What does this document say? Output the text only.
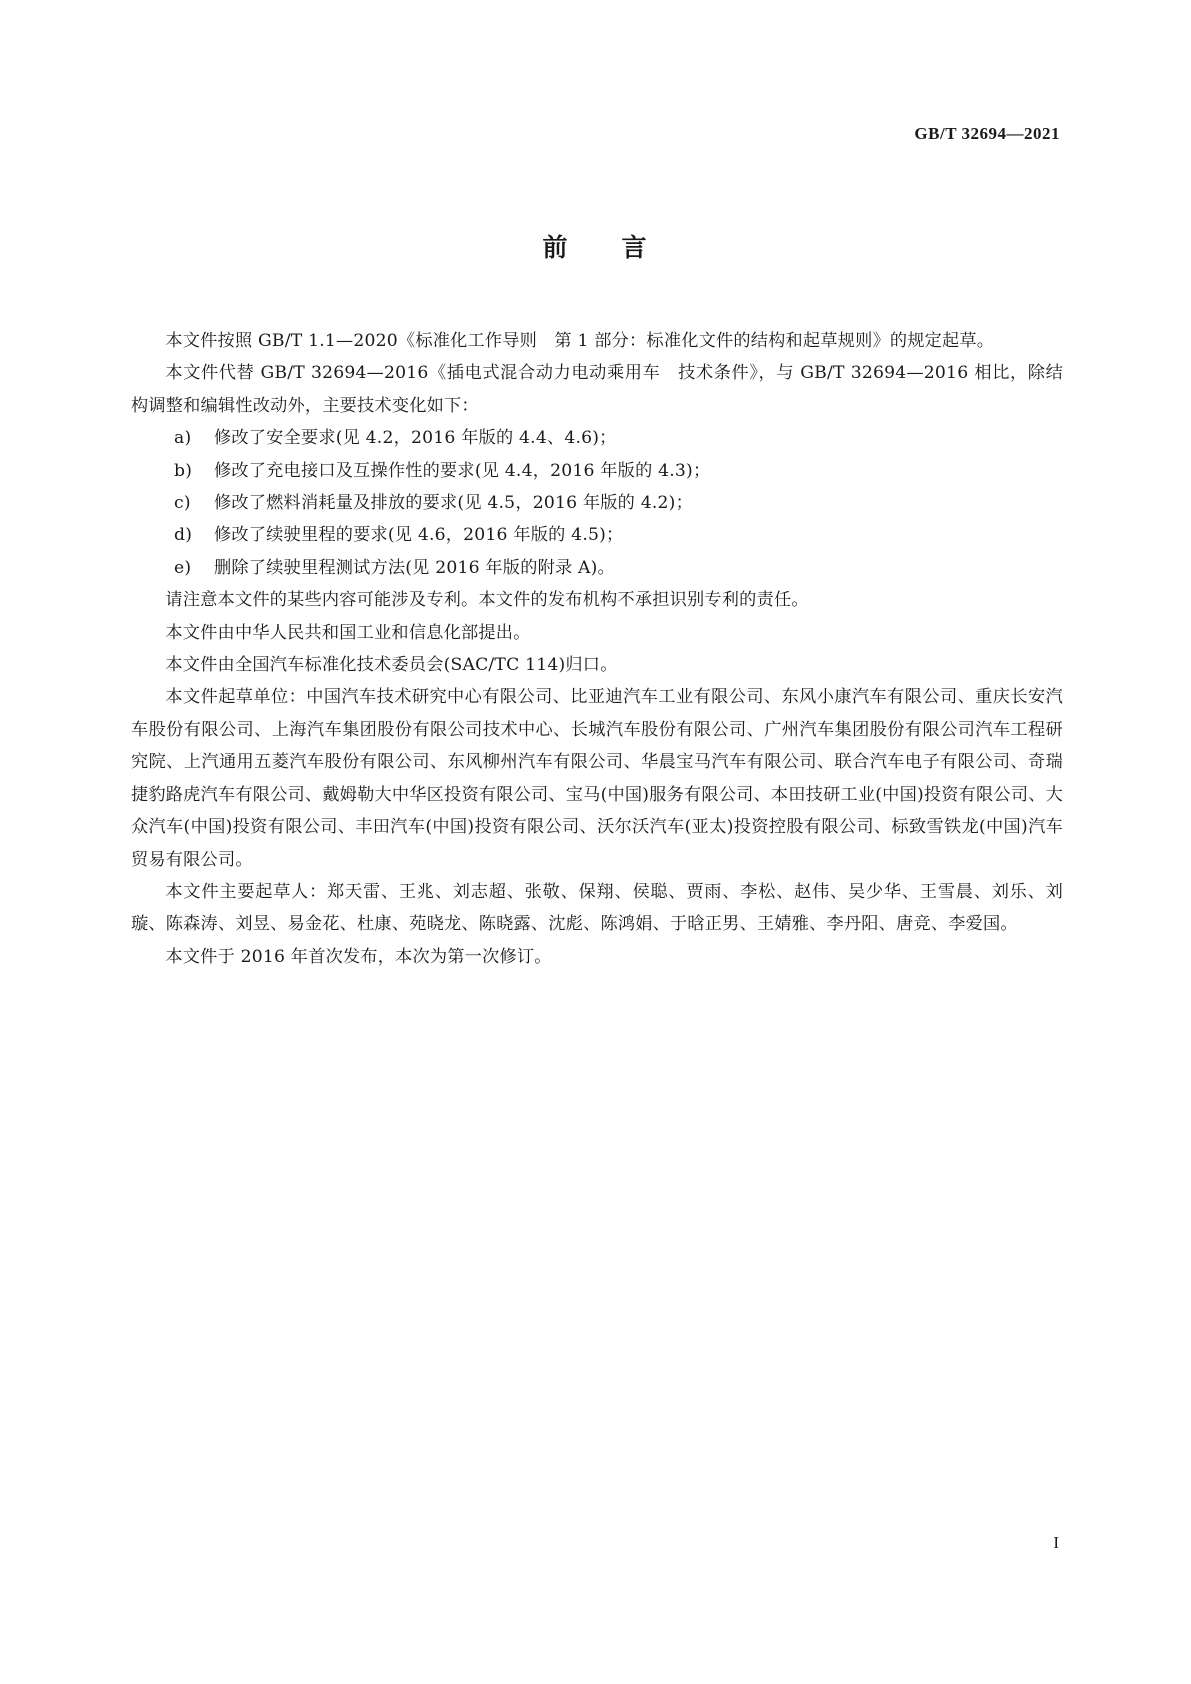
GB/T 32694—2021
前 言

本文件按照 GB/T 1.1—2020《标准化工作导则　第 1 部分：标准化文件的结构和起草规则》的规定起草。

本文件代替 GB/T 32694—2016《插电式混合动力电动乘用车　技术条件》，与 GB/T 32694—2016 相比，除结构调整和编辑性改动外，主要技术变化如下：

a) 修改了安全要求(见 4.2，2016 年版的 4.4、4.6)；

b) 修改了充电接口及互操作性的要求(见 4.4，2016 年版的 4.3)；

c) 修改了燃料消耗量及排放的要求(见 4.5，2016 年版的 4.2)；

d) 修改了续驶里程的要求(见 4.6，2016 年版的 4.5)；

e) 删除了续驶里程测试方法(见 2016 年版的附录 A)。

请注意本文件的某些内容可能涉及专利。本文件的发布机构不承担识别专利的责任。

本文件由中华人民共和国工业和信息化部提出。

本文件由全国汽车标准化技术委员会(SAC/TC 114)归口。

本文件起草单位：中国汽车技术研究中心有限公司、比亚迪汽车工业有限公司、东风小康汽车有限公司、重庆长安汽车股份有限公司、上海汽车集团股份有限公司技术中心、长城汽车股份有限公司、广州汽车集团股份有限公司汽车工程研究院、上汽通用五菱汽车股份有限公司、东风柳州汽车有限公司、华晨宝马汽车有限公司、联合汽车电子有限公司、奇瑞捷豹路虎汽车有限公司、戴姆勒大中华区投资有限公司、宝马(中国)服务有限公司、本田技研工业(中国)投资有限公司、大众汽车(中国)投资有限公司、丰田汽车(中国)投资有限公司、沃尔沃汽车(亚太)投资控股有限公司、标致雪铁龙(中国)汽车贸易有限公司。

本文件主要起草人：郑天雷、王兆、刘志超、张敬、保翔、侯聪、贾雨、李松、赵伟、吴少华、王雪晨、刘乐、刘璇、陈森涛、刘昱、易金花、杜康、苑晓龙、陈晓露、沈彪、陈鸿娟、于晗正男、王婧雅、李丹阳、唐竞、李爱国。

本文件于 2016 年首次发布，本次为第一次修订。

I
